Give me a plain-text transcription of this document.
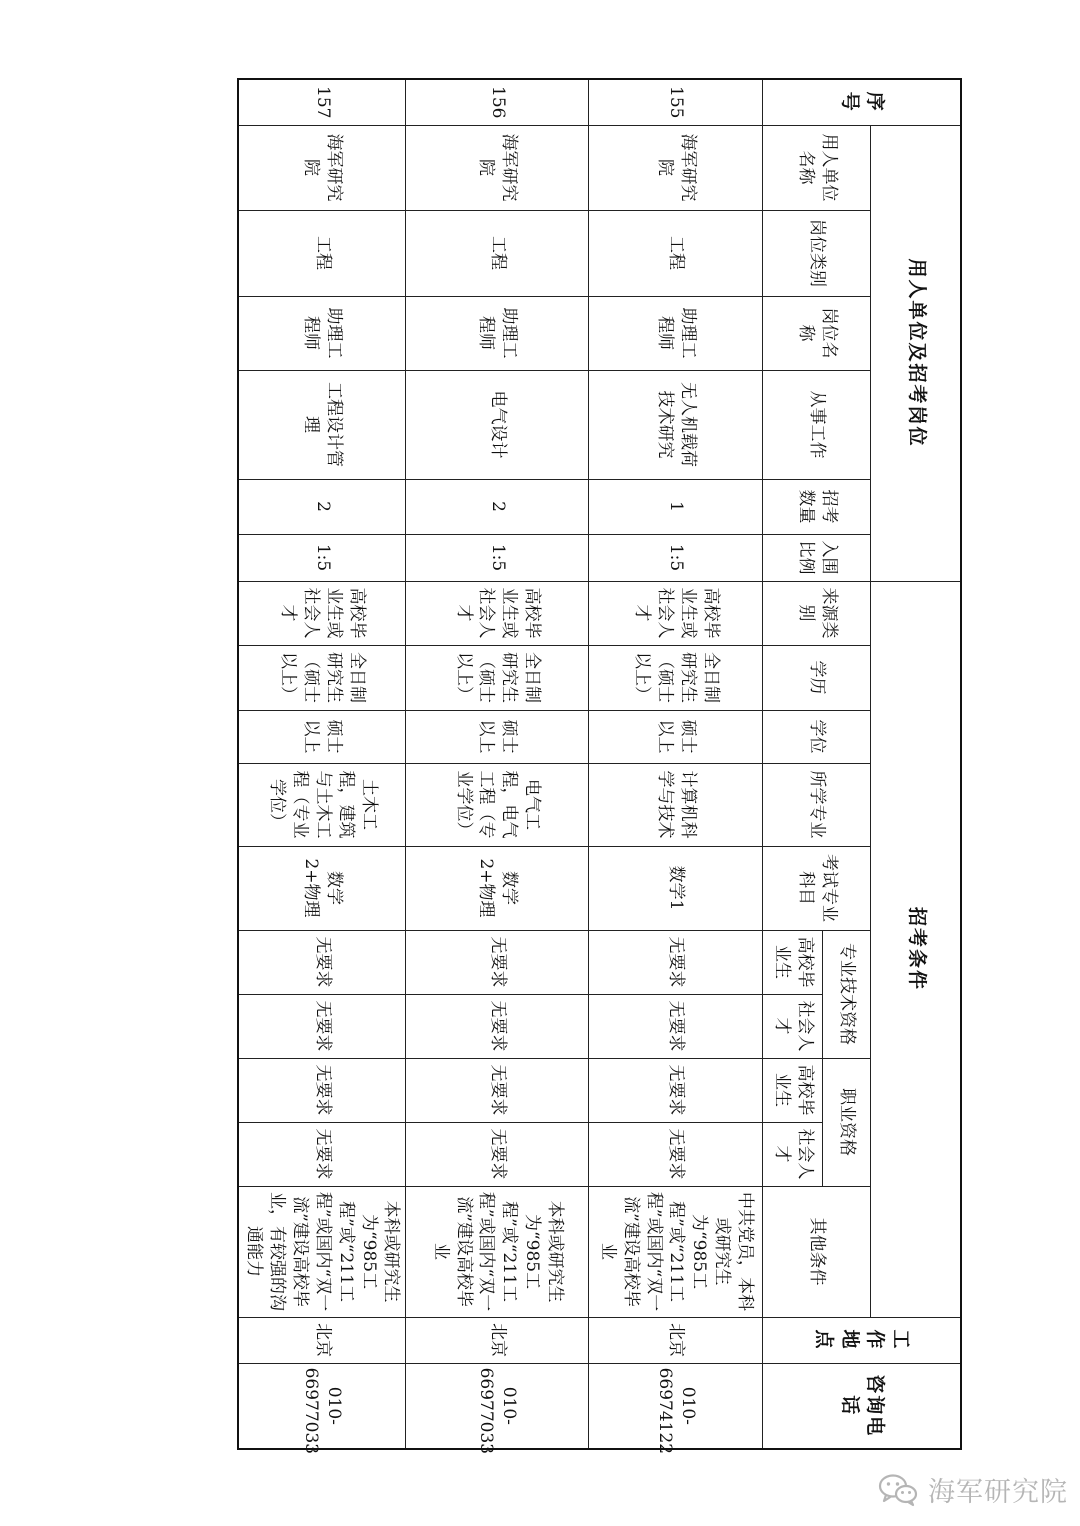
序号	用人单位及招考岗位						招考条件										工作地点	咨询电话
	用人单位名称	岗位类别	岗位名称	从事工作	招考数量	入围比例	来源类别	学历	学位	所学专业	考试专业科目	专业技术资格		职业资格		其他条件		
												高校毕业生	社会人才	高校毕业生	社会人才			
155	海军研究院	工程	助理工程师	无人机载荷技术研究	1	1:5	高校毕业生或社会人才	全日制研究生（硕士以上）	硕士以上	计算机科学与技术	数学1	无要求	无要求	无要求	无要求	中共党员，本科或研究生为“985工程”或“211工程”或国内“双一流”建设高校毕业	北京	010-66974122
156	海军研究院	工程	助理工程师	电气设计	2	1:5	高校毕业生或社会人才	全日制研究生（硕士以上）	硕士以上	电气工程，电气工程（专业学位）	数学2+物理	无要求	无要求	无要求	无要求	本科或研究生为“985工程”或“211工程”或国内“双一流”建设高校毕业	北京	010-66977033
157	海军研究院	工程	助理工程师	工程设计管理	2	1:5	高校毕业生或社会人才	全日制研究生（硕士以上）	硕士以上	土木工程，建筑与土木工程（专业学位）	数学2+物理	无要求	无要求	无要求	无要求	本科或研究生为“985工程”或“211工程”或国内“双一流”建设高校毕业，有较强的沟通能力	北京	010-66977033
海军研究院
